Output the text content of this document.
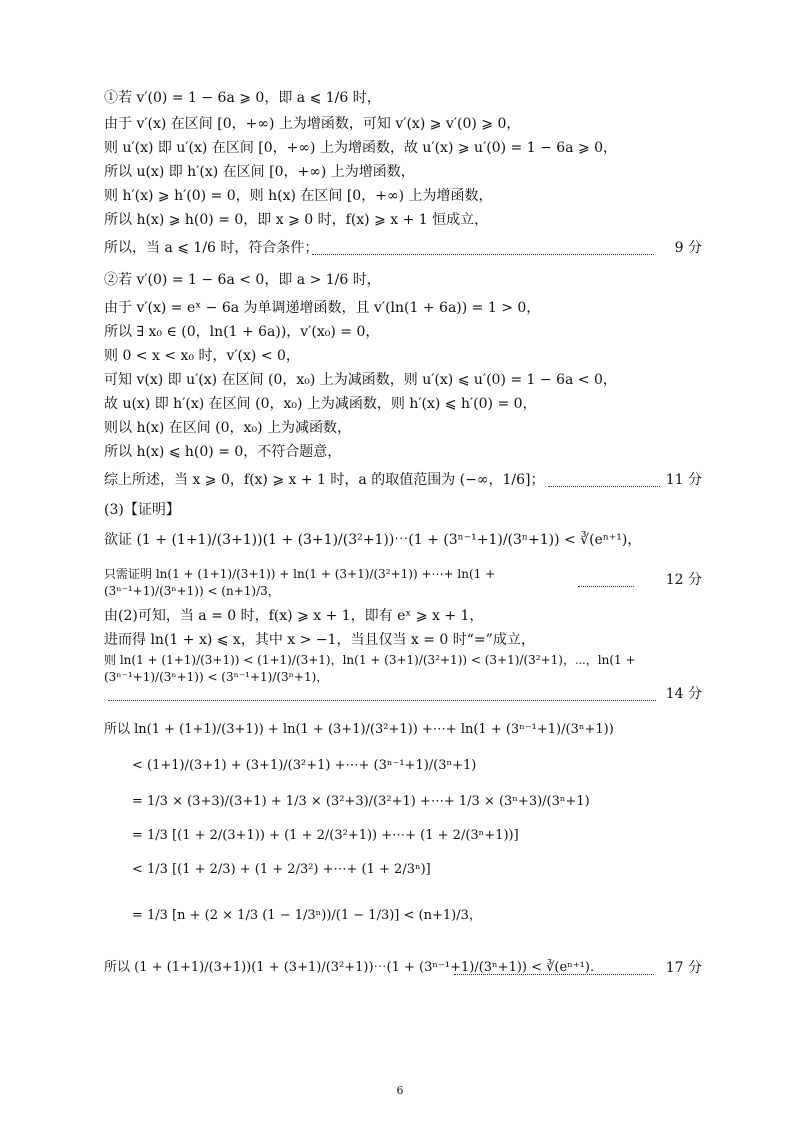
①若 v′(0) = 1 − 6a ⩾ 0，即 a ⩽ 1/6 时，
由于 v′(x) 在区间 [0，+∞) 上为增函数，可知 v′(x) ⩾ v′(0) ⩾ 0，
则 u′(x) 即 u′(x) 在区间 [0，+∞) 上为增函数，故 u′(x) ⩾ u′(0) = 1 − 6a ⩾ 0，
所以 u(x) 即 h′(x) 在区间 [0，+∞) 上为增函数，
则 h′(x) ⩾ h′(0) = 0，则 h(x) 在区间 [0，+∞) 上为增函数，
所以 h(x) ⩾ h(0) = 0，即 x ⩾ 0 时，f(x) ⩾ x + 1 恒成立，
所以，当 a ⩽ 1/6 时，符合条件；	9 分
②若 v′(0) = 1 − 6a < 0，即 a > 1/6 时，
由于 v′(x) = eˣ − 6a 为单调递增函数，且 v′(ln(1 + 6a)) = 1 > 0，
所以 ∃ x₀ ∈ (0，ln(1 + 6a))，v′(x₀) = 0，
则 0 < x < x₀ 时，v′(x) < 0，
可知 v(x) 即 u′(x) 在区间 (0，x₀) 上为减函数，则 u′(x) ⩽ u′(0) = 1 − 6a < 0，
故 u(x) 即 h′(x) 在区间 (0，x₀) 上为减函数，则 h′(x) ⩽ h′(0) = 0，
则以 h(x) 在区间 (0，x₀) 上为减函数，
所以 h(x) ⩽ h(0) = 0，不符合题意，
综上所述，当 x ⩾ 0，f(x) ⩾ x + 1 时，a 的取值范围为 (−∞，1/6]；	11 分
(3)【证明】
欲证 (1 + (1+1)/(3+1))(1 + (3+1)/(3²+1))⋯(1 + (3ⁿ⁻¹+1)/(3ⁿ+1)) < ∛(eⁿ⁺¹)，
只需证明 ln(1 + (1+1)/(3+1)) + ln(1 + (3+1)/(3²+1)) +⋯+ ln(1 + (3ⁿ⁻¹+1)/(3ⁿ+1)) < (n+1)/3，
12 分
由(2)可知，当 a = 0 时，f(x) ⩾ x + 1，即有 eˣ ⩾ x + 1，
进而得 ln(1 + x) ⩽ x，其中 x > −1，当且仅当 x = 0 时“=”成立，
则 ln(1 + (1+1)/(3+1)) < (1+1)/(3+1)，ln(1 + (3+1)/(3²+1)) < (3+1)/(3²+1)，⋯，ln(1 + (3ⁿ⁻¹+1)/(3ⁿ+1)) < (3ⁿ⁻¹+1)/(3ⁿ+1)，
14 分
所以 ln(1 + (1+1)/(3+1)) + ln(1 + (3+1)/(3²+1)) +⋯+ ln(1 + (3ⁿ⁻¹+1)/(3ⁿ+1))
< (1+1)/(3+1) + (3+1)/(3²+1) +⋯+ (3ⁿ⁻¹+1)/(3ⁿ+1)
= 1/3 × (3+3)/(3+1) + 1/3 × (3²+3)/(3²+1) +⋯+ 1/3 × (3ⁿ+3)/(3ⁿ+1)
= 1/3 [(1 + 2/(3+1)) + (1 + 2/(3²+1)) +⋯+ (1 + 2/(3ⁿ+1))]
< 1/3 [(1 + 2/3) + (1 + 2/3²) +⋯+ (1 + 2/3ⁿ)]
= 1/3 [n + (2 × 1/3 (1 − 1/3ⁿ))/(1 − 1/3)] < (n+1)/3，
所以 (1 + (1+1)/(3+1))(1 + (3+1)/(3²+1))⋯(1 + (3ⁿ⁻¹+1)/(3ⁿ+1)) < ∛(eⁿ⁺¹).	17 分
6
